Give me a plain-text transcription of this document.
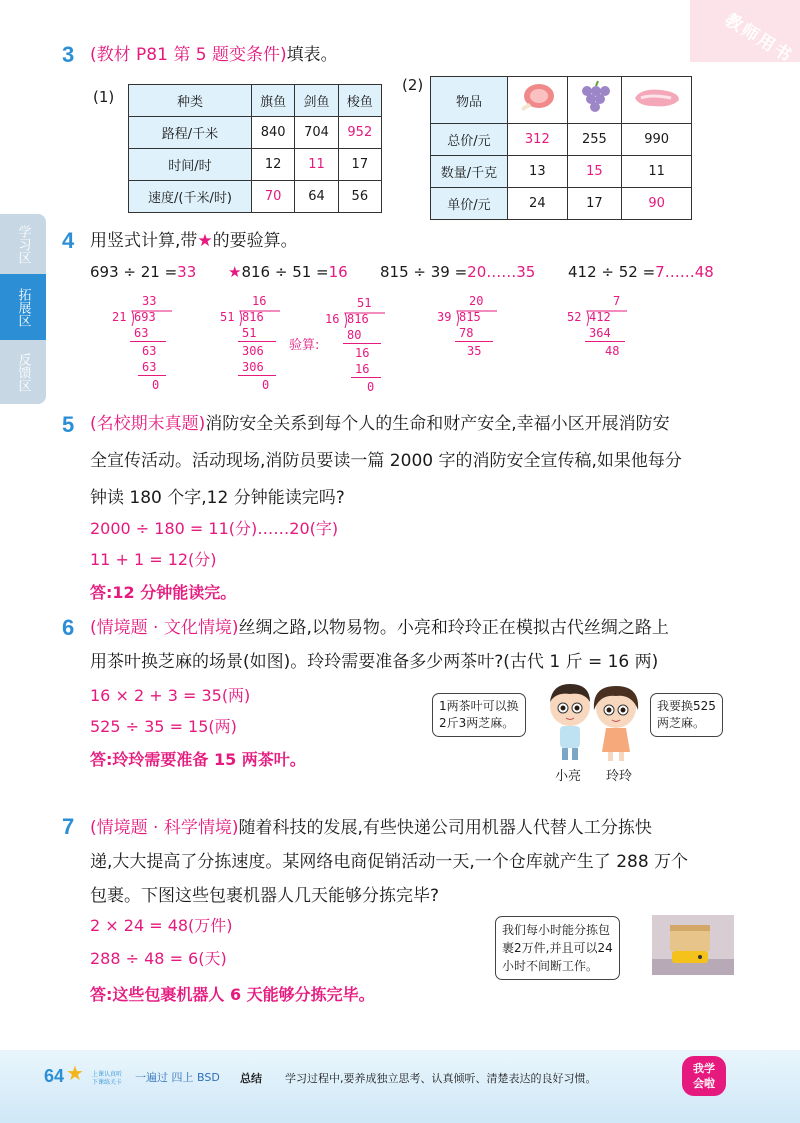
教师用书
学习区
拓展区
反馈区
3 (教材 P81 第 5 题变条件)填表。
(1)	种类	旗鱼	剑鱼	梭鱼
路程/千米	840	704	952
时间/时	12	11	17
速度/(千米/时)	70	64	56
(2)
物品			
总价/元	312	255	990
数量/千克	13	15	11
单价/元	24	17	90
4 用竖式计算,带★的要验算。
693 ÷ 21 =33 ★816 ÷ 51 =16 815 ÷ 39 =20……35 412 ÷ 52 =7……48
33
21 693
63
63
63
0
16
51 816
51
306
306
0
验算:
51
16 816
80
16
16
0
20
39 815
78
35
7
52 412
364
48
5 (名校期末真题)消防安全关系到每个人的生命和财产安全,幸福小区开展消防安
全宣传活动。活动现场,消防员要读一篇 2000 字的消防安全宣传稿,如果他每分
钟读 180 个字,12 分钟能读完吗?
2000 ÷ 180 = 11(分)……20(字)
11 + 1 = 12(分)
答:12 分钟能读完。
6 (情境题 · 文化情境)丝绸之路,以物易物。小亮和玲玲正在模拟古代丝绸之路上
用茶叶换芝麻的场景(如图)。玲玲需要准备多少两茶叶?(古代 1 斤 = 16 两)
16 × 2 + 3 = 35(两)
525 ÷ 35 = 15(两)
答:玲玲需要准备 15 两茶叶。
1两茶叶可以换
2斤3两芝麻。
我要换525
两芝麻。
小亮 玲玲
7 (情境题 · 科学情境)随着科技的发展,有些快递公司用机器人代替人工分拣快
递,大大提高了分拣速度。某网络电商促销活动一天,一个仓库就产生了 288 万个
包裹。下图这些包裹机器人几天能够分拣完毕?
2 × 24 = 48(万件)
288 ÷ 48 = 6(天)
答:这些包裹机器人 6 天能够分拣完毕。
我们每小时能分拣包
裹2万件,并且可以24
小时不间断工作。
64 ★ 上课认真听
下课练关卡 一遍过 四上 BSD 总结 学习过程中,要养成独立思考、认真倾听、清楚表达的良好习惯。
我学
会啦
